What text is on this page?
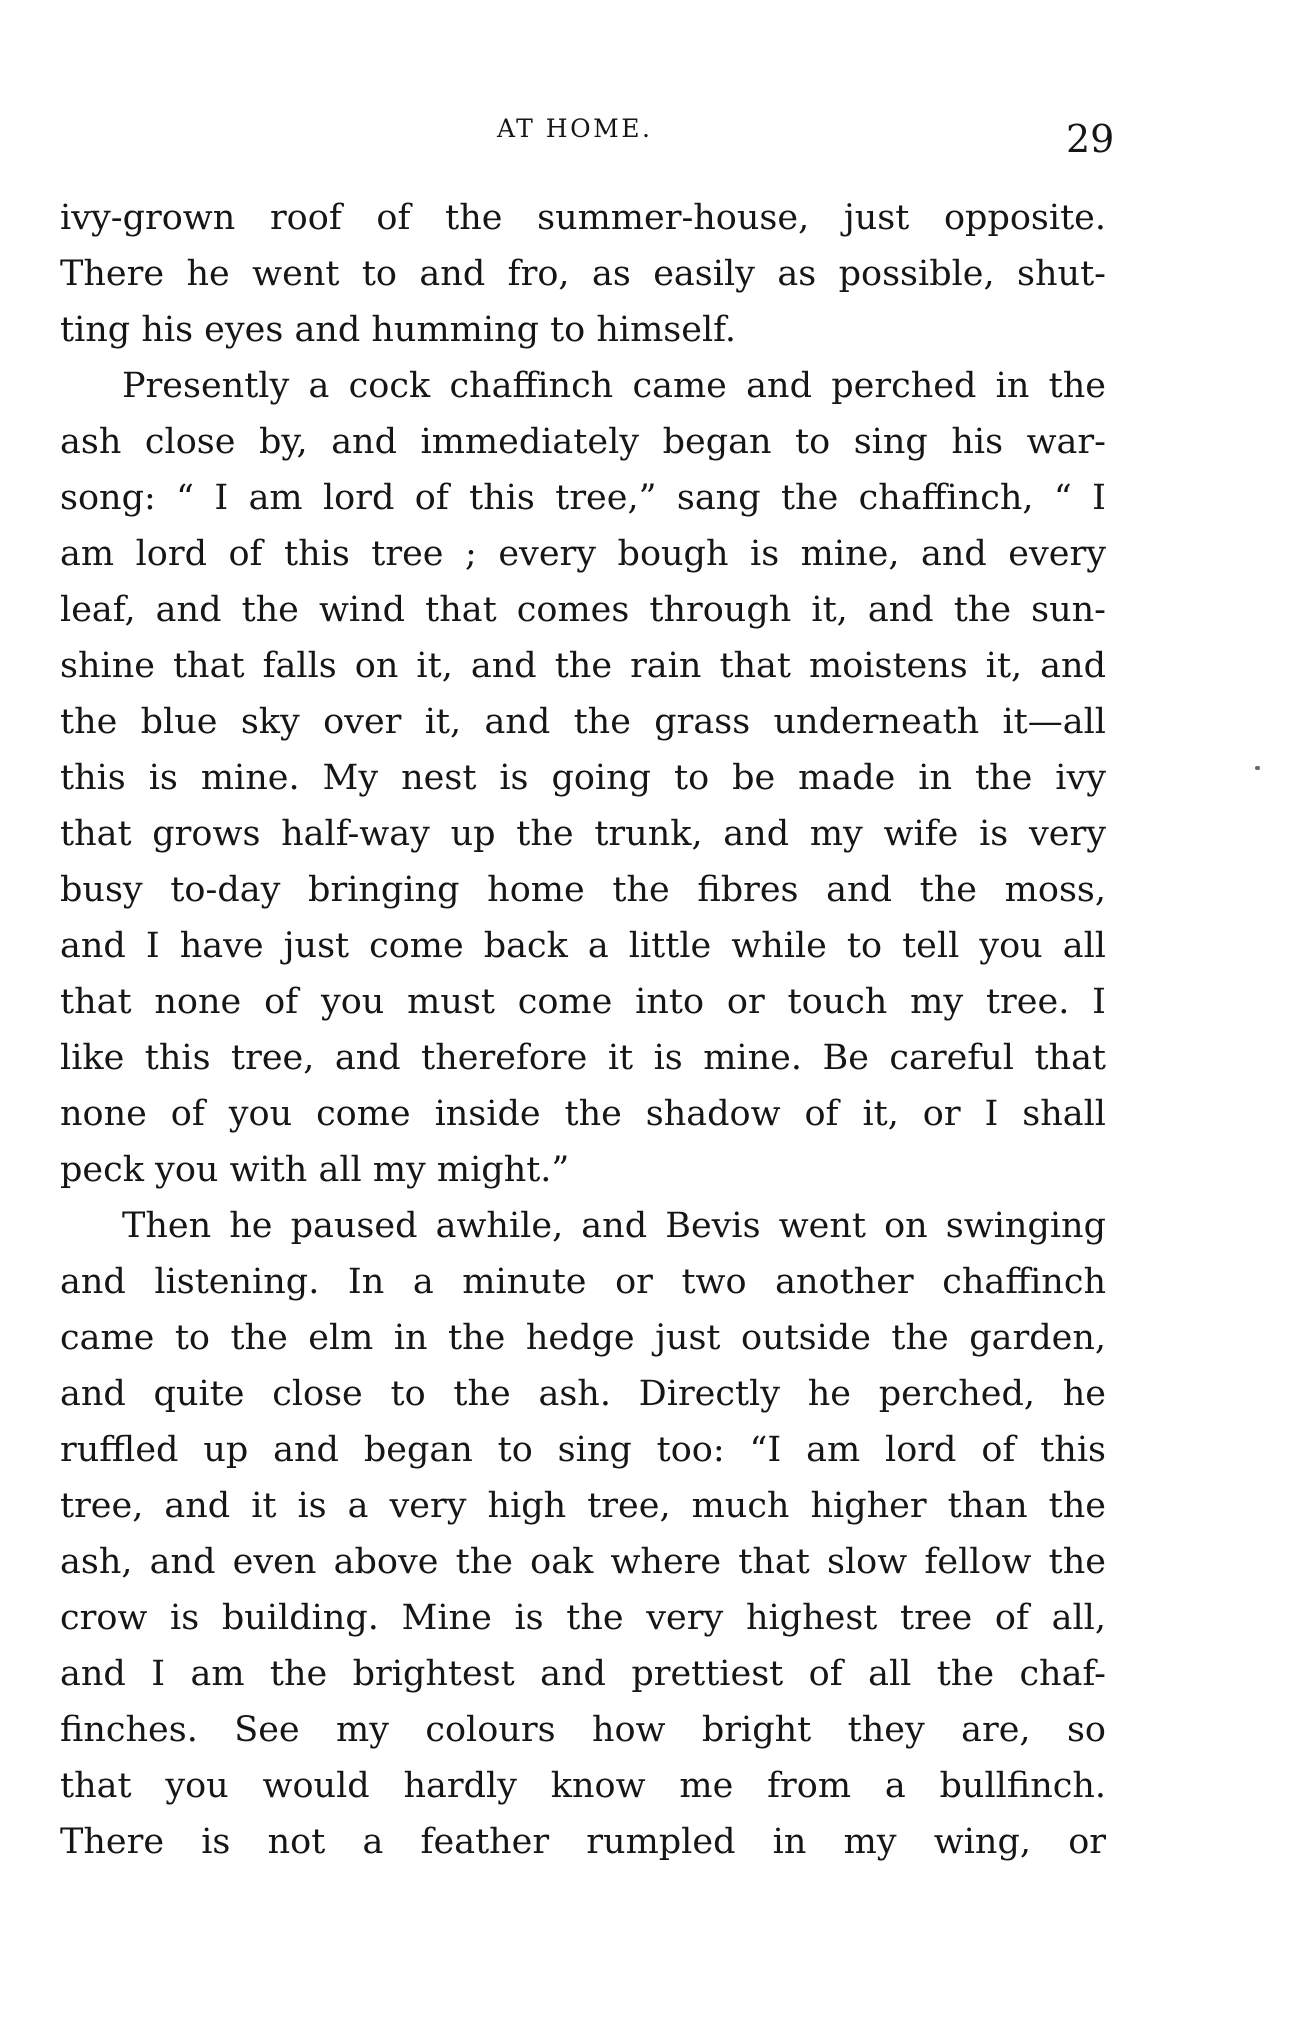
AT HOME.	29
ivy-grown roof of the summer-house, just opposite.
There he went to and fro, as easily as possible, shut-
ting his eyes and humming to himself.
Presently a cock chaffinch came and perched in the
ash close by, and immediately began to sing his war-
song: “ I am lord of this tree,” sang the chaffinch, “ I
am lord of this tree ; every bough is mine, and every
leaf, and the wind that comes through it, and the sun-
shine that falls on it, and the rain that moistens it, and
the blue sky over it, and the grass underneath it—all
this is mine. My nest is going to be made in the ivy
that grows half-way up the trunk, and my wife is very
busy to-day bringing home the fibres and the moss,
and I have just come back a little while to tell you all
that none of you must come into or touch my tree. I
like this tree, and therefore it is mine. Be careful that
none of you come inside the shadow of it, or I shall
peck you with all my might.”
Then he paused awhile, and Bevis went on swinging
and listening. In a minute or two another chaffinch
came to the elm in the hedge just outside the garden,
and quite close to the ash. Directly he perched, he
ruffled up and began to sing too: “I am lord of this
tree, and it is a very high tree, much higher than the
ash, and even above the oak where that slow fellow the
crow is building. Mine is the very highest tree of all,
and I am the brightest and prettiest of all the chaf-
finches. See my colours how bright they are, so
that you would hardly know me from a bullfinch.
There is not a feather rumpled in my wing, or
